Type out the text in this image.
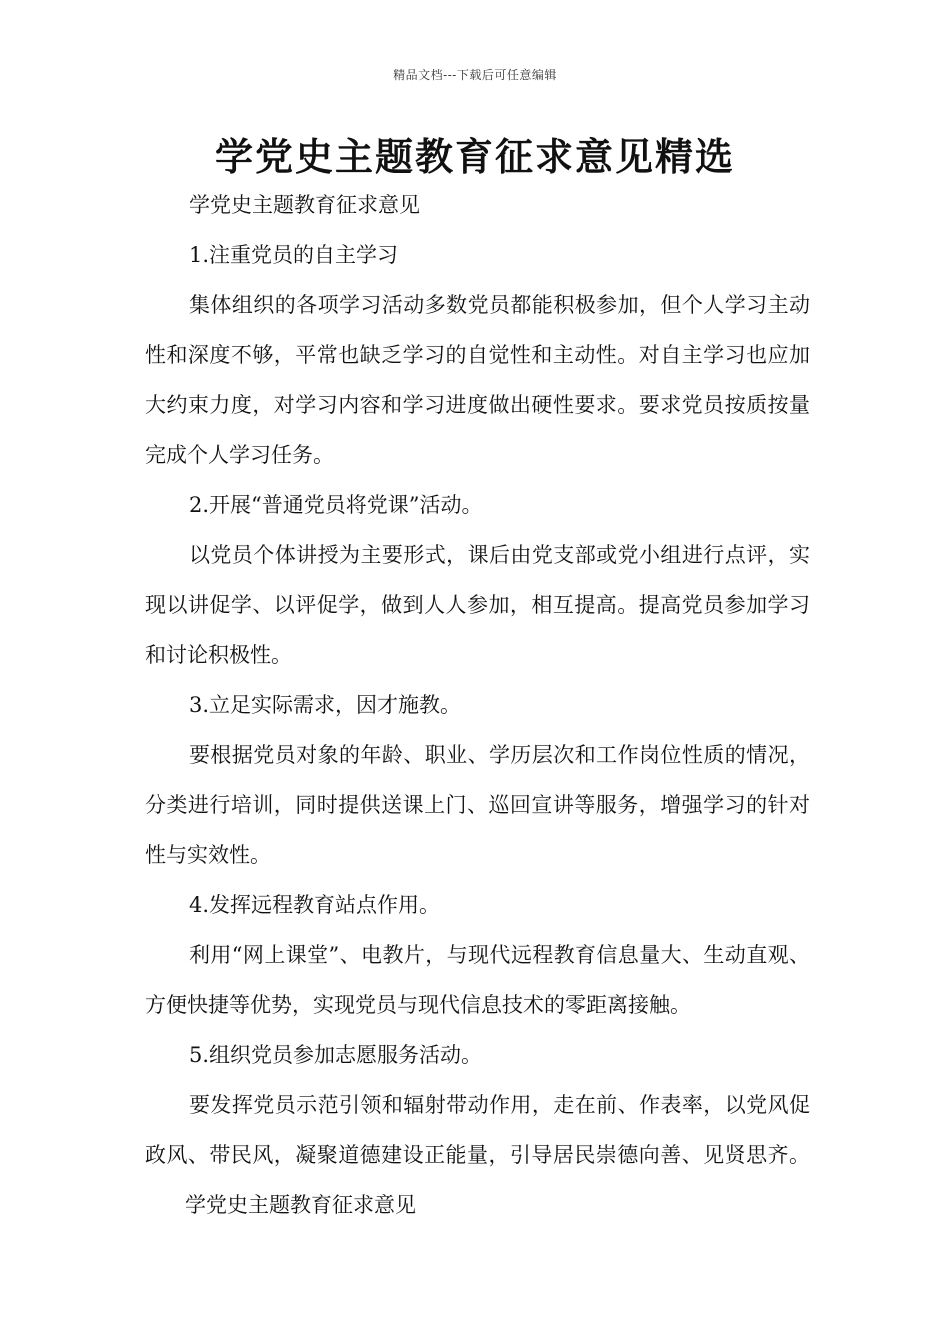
精品文档---下载后可任意编辑
学党史主题教育征求意见精选

学党史主题教育征求意见

1.注重党员的自主学习

集体组织的各项学习活动多数党员都能积极参加，但个人学习主动性和深度不够，平常也缺乏学习的自觉性和主动性。对自主学习也应加大约束力度，对学习内容和学习进度做出硬性要求。要求党员按质按量完成个人学习任务。

2.开展“普通党员将党课”活动。

以党员个体讲授为主要形式，课后由党支部或党小组进行点评，实现以讲促学、以评促学，做到人人参加，相互提高。提高党员参加学习和讨论积极性。

3.立足实际需求，因才施教。

要根据党员对象的年龄、职业、学历层次和工作岗位性质的情况，分类进行培训，同时提供送课上门、巡回宣讲等服务，增强学习的针对性与实效性。

4.发挥远程教育站点作用。

利用“网上课堂”、电教片，与现代远程教育信息量大、生动直观、方便快捷等优势，实现党员与现代信息技术的零距离接触。

5.组织党员参加志愿服务活动。

要发挥党员示范引领和辐射带动作用，走在前、作表率，以党风促政风、带民风，凝聚道德建设正能量，引导居民崇德向善、见贤思齐。学党史主题教育征求意见
